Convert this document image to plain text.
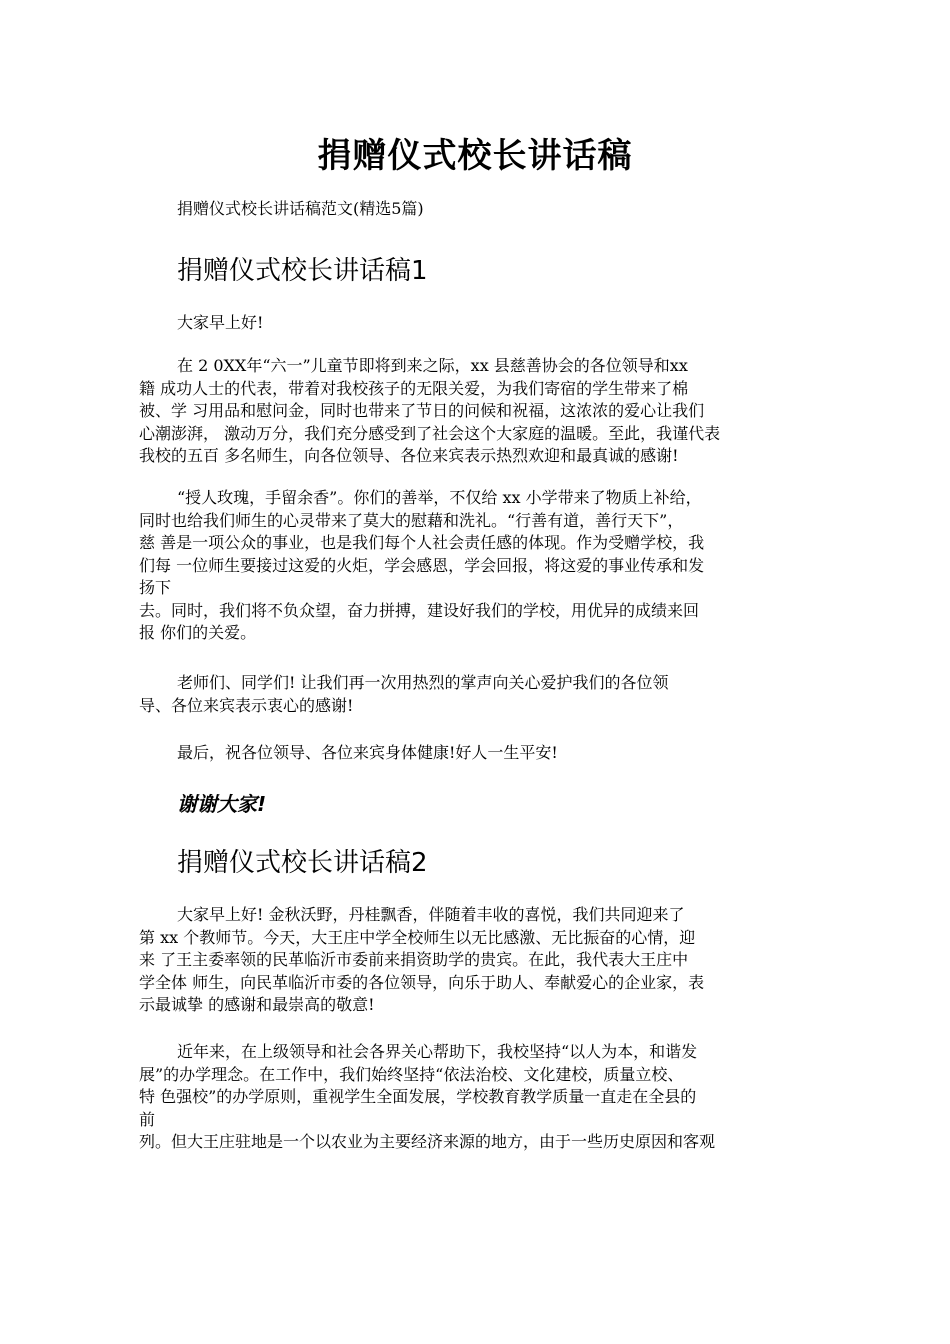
捐赠仪式校长讲话稿
捐赠仪式校长讲话稿范文(精选5篇)
捐赠仪式校长讲话稿1
大家早上好!
在 2 0XX年“六一”儿童节即将到来之际，xx 县慈善协会的各位领导和xx
籍 成功人士的代表，带着对我校孩子的无限关爱，为我们寄宿的学生带来了棉
被、学 习用品和慰问金，同时也带来了节日的问候和祝福，这浓浓的爱心让我们
心潮澎湃， 激动万分，我们充分感受到了社会这个大家庭的温暖。至此，我谨代表
我校的五百 多名师生，向各位领导、各位来宾表示热烈欢迎和最真诚的感谢!
“授人玫瑰，手留余香”。你们的善举，不仅给 xx 小学带来了物质上补给，
同时也给我们师生的心灵带来了莫大的慰藉和洗礼。“行善有道，善行天下”，
慈 善是一项公众的事业，也是我们每个人社会责任感的体现。作为受赠学校，我
们每 一位师生要接过这爱的火炬，学会感恩，学会回报，将这爱的事业传承和发
扬下
去。同时，我们将不负众望，奋力拼搏，建设好我们的学校，用优异的成绩来回
报 你们的关爱。
老师们、同学们! 让我们再一次用热烈的掌声向关心爱护我们的各位领
导、各位来宾表示衷心的感谢!
最后，祝各位领导、各位来宾身体健康!好人一生平安!
谢谢大家!
捐赠仪式校长讲话稿2
大家早上好! 金秋沃野，丹桂飘香，伴随着丰收的喜悦，我们共同迎来了
第 xx 个教师节。今天，大王庄中学全校师生以无比感激、无比振奋的心情，迎
来 了王主委率领的民革临沂市委前来捐资助学的贵宾。在此，我代表大王庄中
学全体 师生，向民革临沂市委的各位领导，向乐于助人、奉献爱心的企业家，表
示最诚挚 的感谢和最崇高的敬意!
近年来，在上级领导和社会各界关心帮助下，我校坚持“以人为本，和谐发
展”的办学理念。在工作中，我们始终坚持“依法治校、文化建校，质量立校、
特 色强校”的办学原则，重视学生全面发展，学校教育教学质量一直走在全县的
前
列。但大王庄驻地是一个以农业为主要经济来源的地方，由于一些历史原因和客观
